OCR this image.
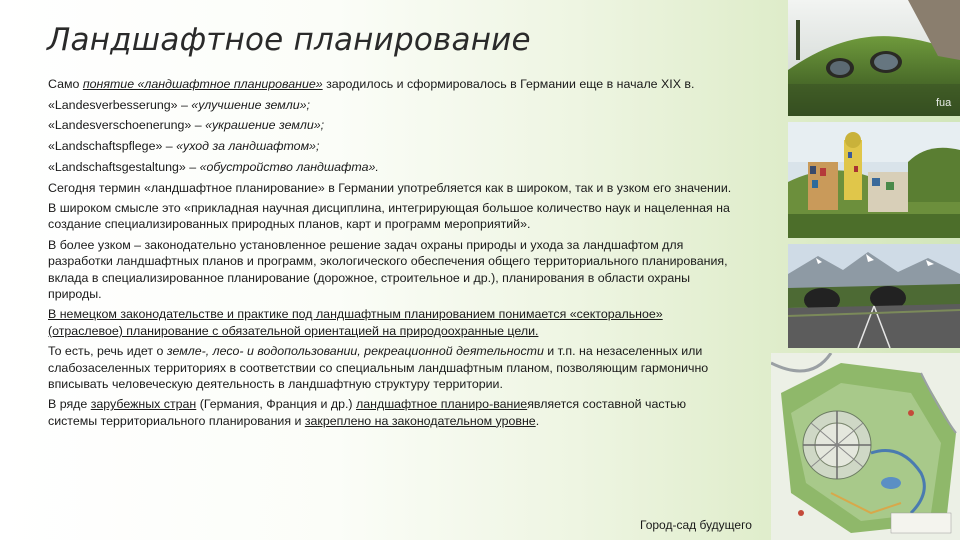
Ландшафтное планирование

Само понятие «ландшафтное планирование» зародилось и сформировалось в Германии еще в начале XIX в.

«Landesverbesserung» – «улучшение земли»;

«Landesverschoenerung» – «украшение земли»;

«Landschaftspflege» – «уход за ландшафтом»;

«Landschaftsgestaltung» – «обустройство ландшафта».

Сегодня термин «ландшафтное планирование» в Германии употребляется как в широком, так и в узком его значении.

В широком смысле это «прикладная научная дисциплина, интегрирующая большое количество наук и нацеленная на создание специализированных природных планов, карт и программ мероприятий».

В более узком – законодательно установленное решение задач охраны природы и ухода за ландшафтом для разработки ландшафтных планов и программ, экологического обеспечения общего территориального планирования, вклада в специализированное планирование (дорожное, строительное и др.), планирования в области охраны природы.

В немецком законодательстве и практике под ландшафтным планированием понимается «секторальное» (отраслевое) планирование с обязательной ориентацией на природоохранные цели.

То есть, речь идет о земле-, лесо- и водопользовании, рекреационной деятельности и т.п. на незаселенных или слабозаселенных территориях в соответствии со специальным ландшафтным планом, позволяющим гармонично вписывать человеческую деятельность в ландшафтную структуру территории.

В ряде зарубежных стран (Германия, Франция и др.) ландшафтное планиро-ваниеявляется составной частью системы территориального планирования и закреплено на законодательном уровне.

fua
Город-сад будущего
